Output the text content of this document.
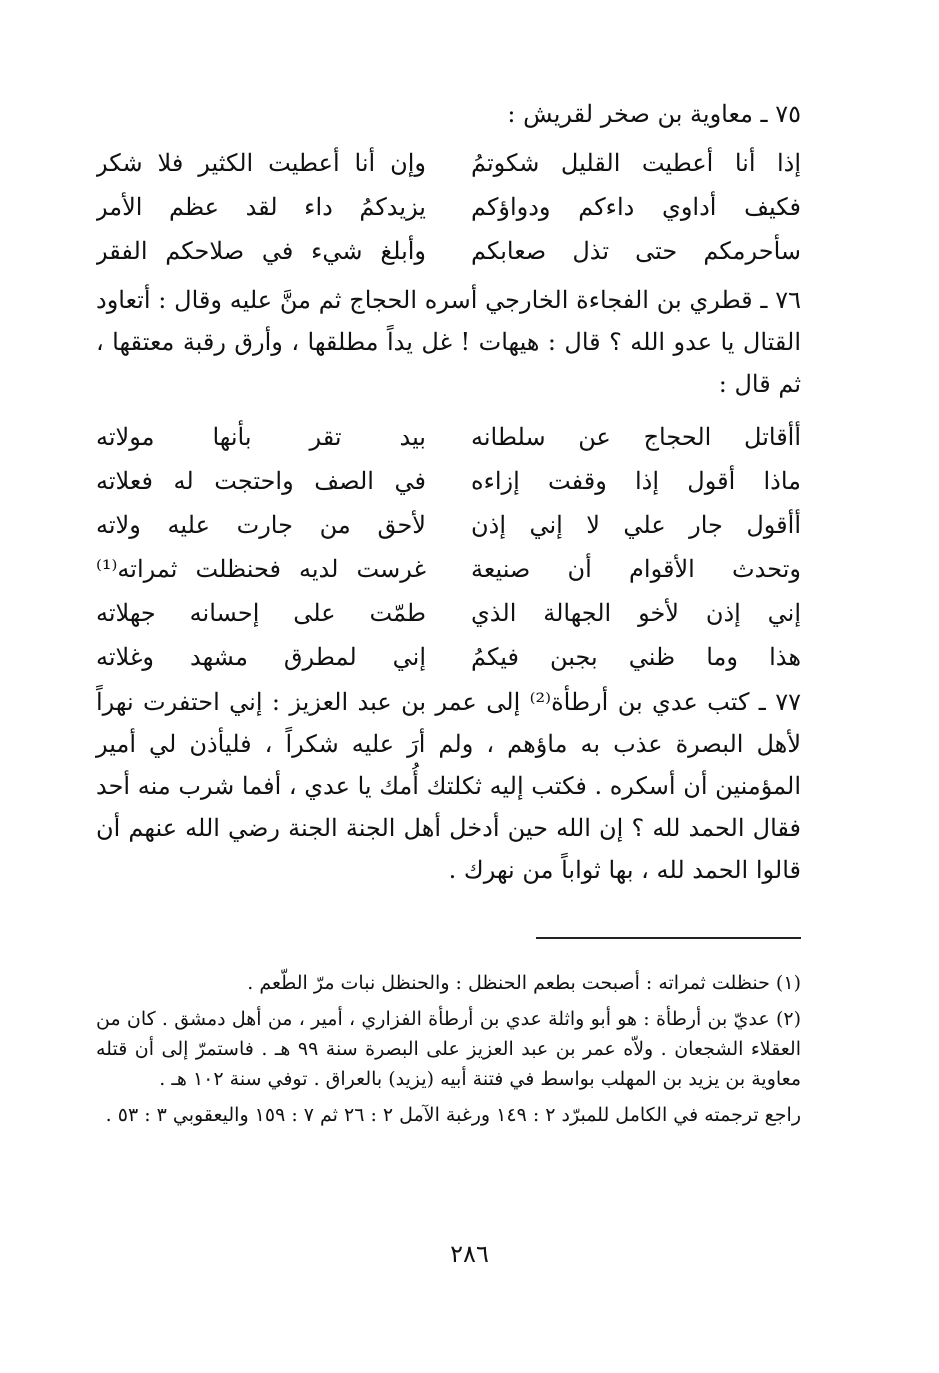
٧٥ ـ معاوية بن صخر لقريش :
إذا أنا أعطيت القليل شكوتمُ
وإن أنا أعطيت الكثير فلا شكر
فكيف أداوي داءكم ودواؤكم
يزيدكمُ داء لقد عظم الأمر
سأحرمكم حتى تذل صعابكم
وأبلغ شيء في صلاحكم الفقر

٧٦ ـ قطري بن الفجاءة الخارجي أسره الحجاج ثم منَّ عليه وقال : أتعاود القتال يا عدو الله ؟ قال : هيهات ! غل يداً مطلقها ، وأرق رقبة معتقها ، ثم قال :

أأقاتل الحجاج عن سلطانه
بيد تقر بأنها مولاته
ماذا أقول إذا وقفت إزاءه
في الصف واحتجت له فعلاته
أأقول جار علي لا إني إذن
لأحق من جارت عليه ولاته
وتحدث الأقوام أن صنيعة
غرست لديه فحنظلت ثمراته⁽¹⁾
إني إذن لأخو الجهالة الذي
طمّت على إحسانه جهلاته
هذا وما ظني بجبن فيكمُ
إني لمطرق مشهد وغلاته

٧٧ ـ كتب عدي بن أرطأة⁽²⁾ إلى عمر بن عبد العزيز : إني احتفرت نهراً لأهل البصرة عذب به ماؤهم ، ولم أرَ عليه شكراً ، فليأذن لي أمير المؤمنين أن أسكره . فكتب إليه ثكلتك أُمك يا عدي ، أفما شرب منه أحد فقال الحمد لله ؟ إن الله حين أدخل أهل الجنة الجنة رضي الله عنهم أن قالوا الحمد لله ، بها ثواباً من نهرك .

(١) حنظلت ثمراته : أصبحت بطعم الحنظل : والحنظل نبات مرّ الطّعم .

(٢) عديّ بن أرطأة : هو أبو واثلة عدي بن أرطأة الفزاري ، أمير ، من أهل دمشق . كان من العقلاء الشجعان . ولاّه عمر بن عبد العزيز على البصرة سنة ٩٩ هـ . فاستمرّ إلى أن قتله معاوية بن يزيد بن المهلب بواسط في فتنة أبيه (يزيد) بالعراق . توفي سنة ١٠٢ هـ .

راجع ترجمته في الكامل للمبرّد ٢ : ١٤٩ ورغبة الآمل ٢ : ٢٦ ثم ٧ : ١٥٩ واليعقوبي ٣ : ٥٣ .

٢٨٦
